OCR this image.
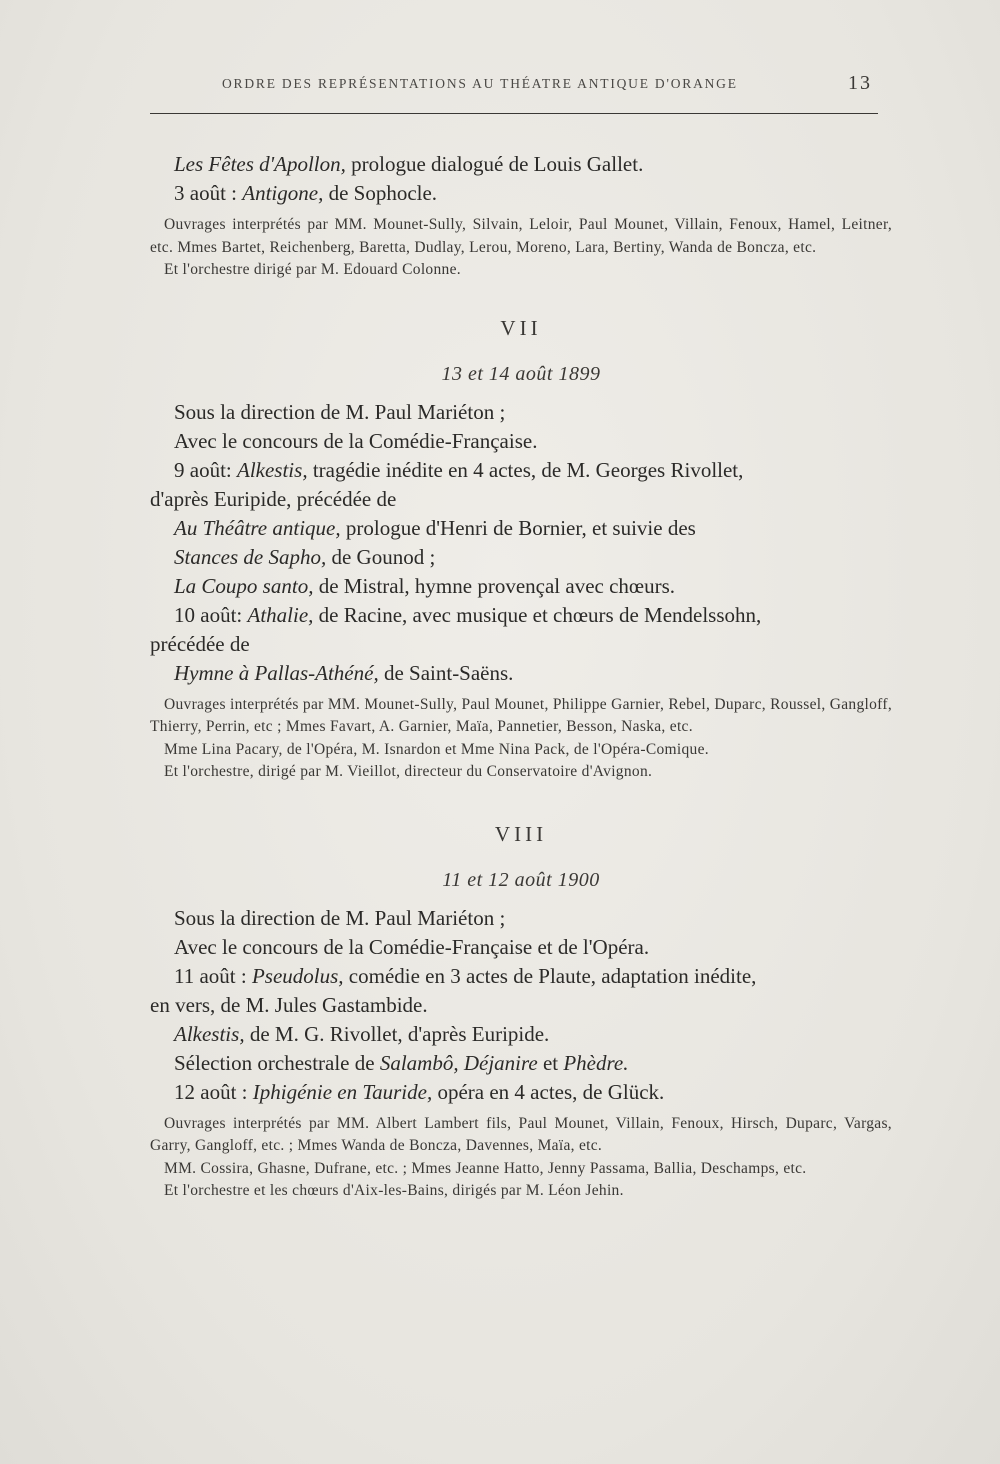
ORDRE DES REPRÉSENTATIONS AU THÉATRE ANTIQUE D'ORANGE	13
Les Fêtes d'Apollon, prologue dialogué de Louis Gallet.
3 août : Antigone, de Sophocle.
Ouvrages interprétés par MM. Mounet-Sully, Silvain, Leloir, Paul Mounet, Villain, Fenoux, Hamel, Leitner, etc. Mmes Bartet, Reichenberg, Baretta, Dudlay, Lerou, Moreno, Lara, Bertiny, Wanda de Boncza, etc.
Et l'orchestre dirigé par M. Edouard Colonne.
VII
13 et 14 août 1899
Sous la direction de M. Paul Mariéton ;
Avec le concours de la Comédie-Française.
9 août: Alkestis, tragédie inédite en 4 actes, de M. Georges Rivollet,
d'après Euripide, précédée de
Au Théâtre antique, prologue d'Henri de Bornier, et suivie des
Stances de Sapho, de Gounod ;
La Coupo santo, de Mistral, hymne provençal avec chœurs.
10 août: Athalie, de Racine, avec musique et chœurs de Mendelssohn,
précédée de
Hymne à Pallas-Athéné, de Saint-Saëns.
Ouvrages interprétés par MM. Mounet-Sully, Paul Mounet, Philippe Garnier, Rebel, Duparc, Roussel, Gangloff, Thierry, Perrin, etc ; Mmes Favart, A. Garnier, Maïa, Pannetier, Besson, Naska, etc.
Mme Lina Pacary, de l'Opéra, M. Isnardon et Mme Nina Pack, de l'Opéra-Comique.
Et l'orchestre, dirigé par M. Vieillot, directeur du Conservatoire d'Avignon.
VIII
11 et 12 août 1900
Sous la direction de M. Paul Mariéton ;
Avec le concours de la Comédie-Française et de l'Opéra.
11 août : Pseudolus, comédie en 3 actes de Plaute, adaptation inédite,
en vers, de M. Jules Gastambide.
Alkestis, de M. G. Rivollet, d'après Euripide.
Sélection orchestrale de Salambô, Déjanire et Phèdre.
12 août : Iphigénie en Tauride, opéra en 4 actes, de Glück.
Ouvrages interprétés par MM. Albert Lambert fils, Paul Mounet, Villain, Fenoux, Hirsch, Duparc, Vargas, Garry, Gangloff, etc. ; Mmes Wanda de Boncza, Davennes, Maïa, etc.
MM. Cossira, Ghasne, Dufrane, etc. ; Mmes Jeanne Hatto, Jenny Passama, Ballia, Deschamps, etc.
Et l'orchestre et les chœurs d'Aix-les-Bains, dirigés par M. Léon Jehin.
